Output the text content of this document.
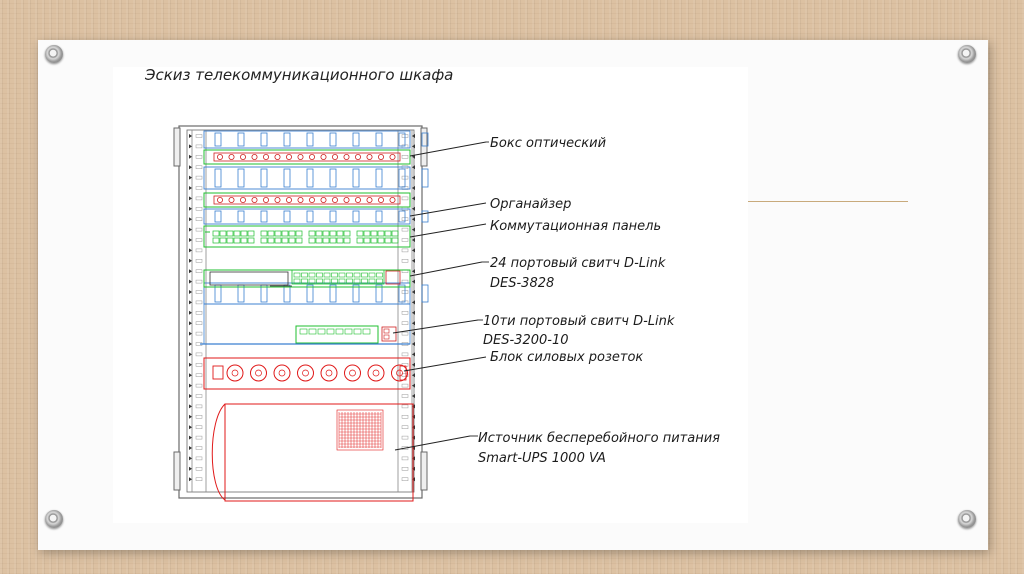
Эскиз телекоммуникационного шкафа
Бокс оптический
Органайзер
Коммутационная панель
24 портовый свитч D-Link
DES-3828
10ти портовый свитч D-Link
DES-3200-10
Блок силовых розеток
Источник бесперебойного питания
Smart-UPS 1000 VA
